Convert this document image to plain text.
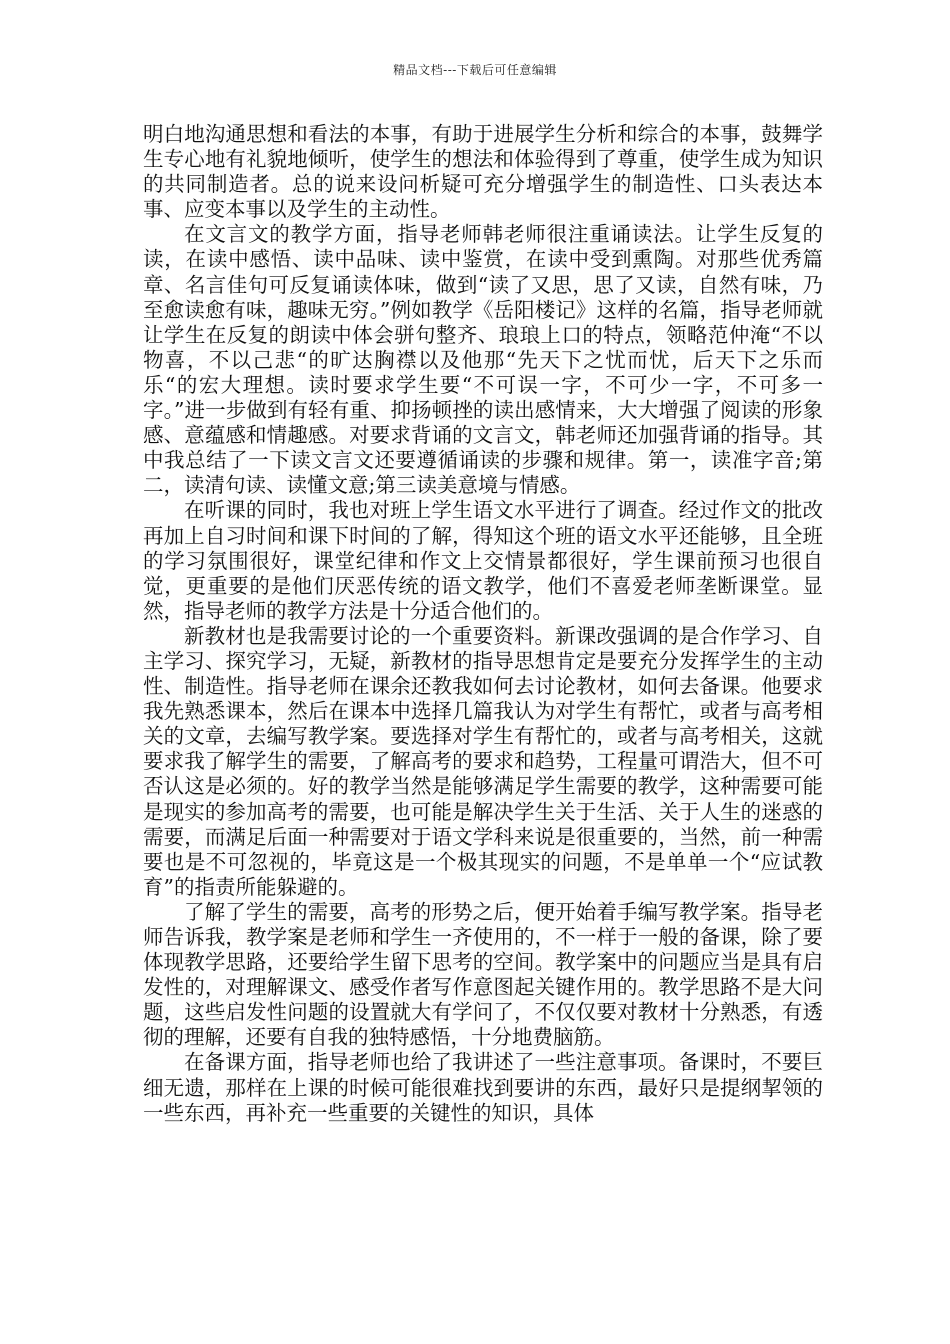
精品文档---下载后可任意编辑

明白地沟通思想和看法的本事，有助于进展学生分析和综合的本事，鼓舞学生专心地有礼貌地倾听，使学生的想法和体验得到了尊重，使学生成为知识的共同制造者。总的说来设问析疑可充分增强学生的制造性、口头表达本事、应变本事以及学生的主动性。

在文言文的教学方面，指导老师韩老师很注重诵读法。让学生反复的读，在读中感悟、读中品味、读中鉴赏，在读中受到熏陶。对那些优秀篇章、名言佳句可反复诵读体味，做到“读了又思，思了又读，自然有味，乃至愈读愈有味，趣味无穷。”例如教学《岳阳楼记》这样的名篇，指导老师就让学生在反复的朗读中体会骈句整齐、琅琅上口的特点，领略范仲淹“不以物喜，不以己悲“的旷达胸襟以及他那“先天下之忧而忧，后天下之乐而乐“的宏大理想。读时要求学生要“不可误一字，不可少一字，不可多一字。”进一步做到有轻有重、抑扬顿挫的读出感情来，大大增强了阅读的形象感、意蕴感和情趣感。对要求背诵的文言文，韩老师还加强背诵的指导。其中我总结了一下读文言文还要遵循诵读的步骤和规律。第一，读准字音;第二，读清句读、读懂文意;第三读美意境与情感。

在听课的同时，我也对班上学生语文水平进行了调查。经过作文的批改再加上自习时间和课下时间的了解，得知这个班的语文水平还能够，且全班的学习氛围很好，课堂纪律和作文上交情景都很好，学生课前预习也很自觉，更重要的是他们厌恶传统的语文教学，他们不喜爱老师垄断课堂。显然，指导老师的教学方法是十分适合他们的。

新教材也是我需要讨论的一个重要资料。新课改强调的是合作学习、自主学习、探究学习，无疑，新教材的指导思想肯定是要充分发挥学生的主动性、制造性。指导老师在课余还教我如何去讨论教材，如何去备课。他要求我先熟悉课本，然后在课本中选择几篇我认为对学生有帮忙，或者与高考相关的文章，去编写教学案。要选择对学生有帮忙的，或者与高考相关，这就要求我了解学生的需要，了解高考的要求和趋势，工程量可谓浩大，但不可否认这是必须的。好的教学当然是能够满足学生需要的教学，这种需要可能是现实的参加高考的需要，也可能是解决学生关于生活、关于人生的迷惑的需要，而满足后面一种需要对于语文学科来说是很重要的，当然，前一种需要也是不可忽视的，毕竟这是一个极其现实的问题，不是单单一个“应试教育”的指责所能躲避的。

了解了学生的需要，高考的形势之后，便开始着手编写教学案。指导老师告诉我，教学案是老师和学生一齐使用的，不一样于一般的备课，除了要体现教学思路，还要给学生留下思考的空间。教学案中的问题应当是具有启发性的，对理解课文、感受作者写作意图起关键作用的。教学思路不是大问题，这些启发性问题的设置就大有学问了，不仅仅要对教材十分熟悉，有透彻的理解，还要有自我的独特感悟，十分地费脑筋。

在备课方面，指导老师也给了我讲述了一些注意事项。备课时，不要巨细无遗，那样在上课的时候可能很难找到要讲的东西，最好只是提纲挈领的一些东西，再补充一些重要的关键性的知识，具体
